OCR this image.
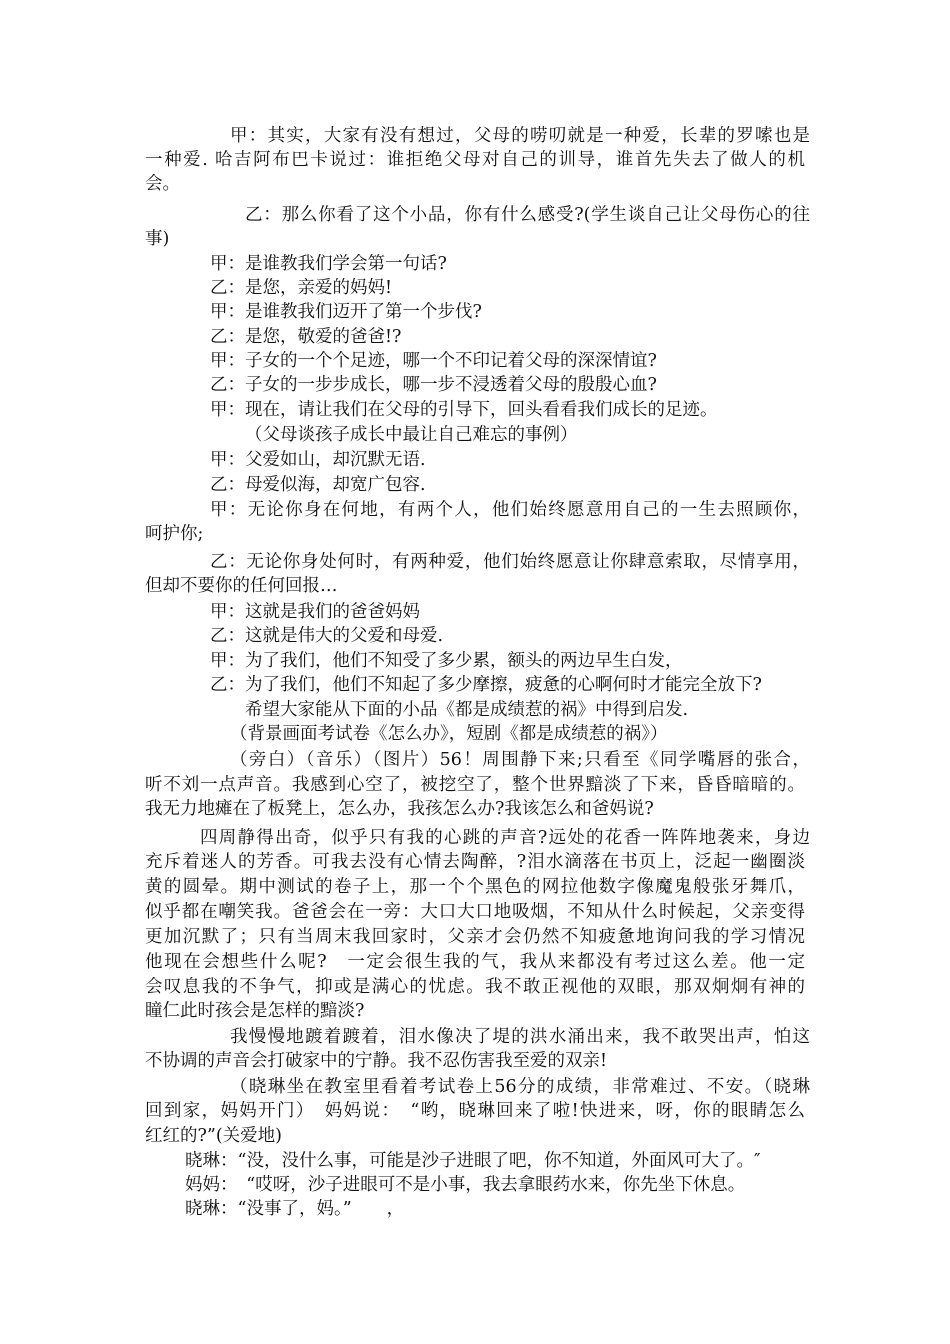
甲：其实，大家有没有想过，父母的唠叨就是一种爱，长辈的罗嗦也是
一种爱. 哈吉阿布巴卡说过：谁拒绝父母对自己的训导，谁首先失去了做人的机
会。
乙：那么你看了这个小品，你有什么感受?(学生谈自己让父母伤心的往
事)
甲：是谁教我们学会第一句话?
乙：是您，亲爱的妈妈!
甲：是谁教我们迈开了第一个步伐?
乙：是您，敬爱的爸爸!?
甲：子女的一个个足迹，哪一个不印记着父母的深深情谊?
乙：子女的一步步成长，哪一步不浸透着父母的殷殷心血?
甲：现在，请让我们在父母的引导下，回头看看我们成长的足迹。
（父母谈孩子成长中最让自己难忘的事例）
甲：父爱如山，却沉默无语.
乙：母爱似海，却宽广包容.
甲：无论你身在何地，有两个人，他们始终愿意用自己的一生去照顾你，
呵护你;
乙：无论你身处何时，有两种爱，他们始终愿意让你肆意索取，尽情享用，
但却不要你的任何回报…
甲：这就是我们的爸爸妈妈
乙：这就是伟大的父爱和母爱.
甲：为了我们，他们不知受了多少累，额头的两边早生白发，
乙：为了我们，他们不知起了多少摩擦，疲惫的心啊何时才能完全放下?
希望大家能从下面的小品《都是成绩惹的祸》中得到启发.
（背景画面考试卷《怎么办》，短剧《都是成绩惹的祸》）
（旁白）（音乐）（图片）56！周围静下来;只看至《同学嘴唇的张合，
听不刘一点声音。我感到心空了，被挖空了，整个世界黯淡了下来，昏昏暗暗的。
我无力地瘫在了板凳上，怎么办，我孩怎么办?我该怎么和爸妈说?
四周静得出奇，似乎只有我的心跳的声音?远处的花香一阵阵地袭来，身边
充斥着迷人的芳香。可我去没有心情去陶醉，?泪水滴落在书页上，泛起一幽圈淡
黄的圆晕。期中测试的卷子上，那一个个黑色的网拉他数字像魔鬼般张牙舞爪，
似乎都在嘲笑我。爸爸会在一旁：大口大口地吸烟，不知从什么时候起，父亲变得
更加沉默了；只有当周末我回家时，父亲才会仍然不知疲惫地询问我的学习情况
他现在会想些什么呢?　一定会很生我的气，我从来都没有考过这么差。他一定
会叹息我的不争气，抑或是满心的忧虑。我不敢正视他的双眼，那双炯炯有神的
瞳仁此时孩会是怎样的黯淡?
我慢慢地踱着踱着，泪水像决了堤的洪水涌出来，我不敢哭出声，怕这
不协调的声音会打破家中的宁静。我不忍伤害我至爱的双亲!
（晓琳坐在教室里看着考试卷上56分的成绩，非常难过、不安。（晓琳
回到家，妈妈开门）　妈妈说：　“哟，晓琳回来了啦!快进来，呀，你的眼睛怎么
红红的?”(关爱地)
晓琳：“没，没什么事，可能是沙子进眼了吧，你不知道，外面风可大了。″
妈妈：　“哎呀，沙子进眼可不是小事，我去拿眼药水来，你先坐下休息。
晓琳：“没事了，妈。”　　，
